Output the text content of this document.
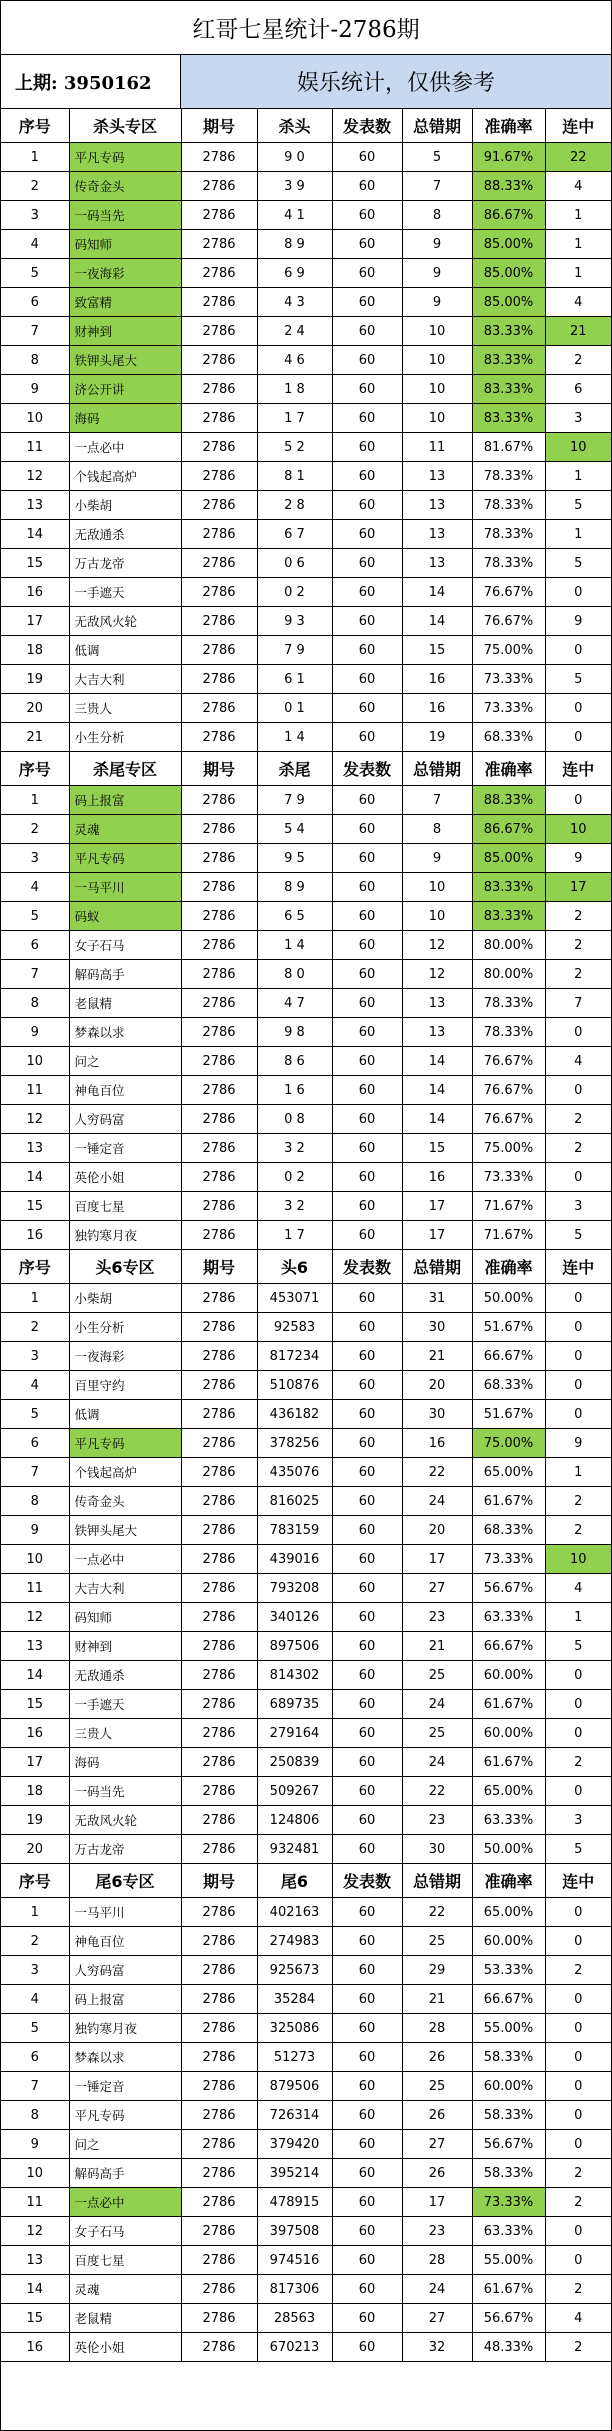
红哥七星统计-2786期
上期: 3950162	娱乐统计，仅供参考
序号	杀头专区	期号	杀头	发表数	总错期	准确率	连中
1	平凡专码	2786	9 0	60	5	91.67%	22
2	传奇金头	2786	3 9	60	7	88.33%	4
3	一码当先	2786	4 1	60	8	86.67%	1
4	码知师	2786	8 9	60	9	85.00%	1
5	一夜海彩	2786	6 9	60	9	85.00%	1
6	致富精	2786	4 3	60	9	85.00%	4
7	财神到	2786	2 4	60	10	83.33%	21
8	铁钾头尾大	2786	4 6	60	10	83.33%	2
9	济公开讲	2786	1 8	60	10	83.33%	6
10	海码	2786	1 7	60	10	83.33%	3
11	一点必中	2786	5 2	60	11	81.67%	10
12	个钱起高炉	2786	8 1	60	13	78.33%	1
13	小柴胡	2786	2 8	60	13	78.33%	5
14	无敌通杀	2786	6 7	60	13	78.33%	1
15	万古龙帝	2786	0 6	60	13	78.33%	5
16	一手遮天	2786	0 2	60	14	76.67%	0
17	无敌风火轮	2786	9 3	60	14	76.67%	9
18	低调	2786	7 9	60	15	75.00%	0
19	大吉大利	2786	6 1	60	16	73.33%	5
20	三贵人	2786	0 1	60	16	73.33%	0
21	小生分析	2786	1 4	60	19	68.33%	0
序号	杀尾专区	期号	杀尾	发表数	总错期	准确率	连中
1	码上报富	2786	7 9	60	7	88.33%	0
2	灵魂	2786	5 4	60	8	86.67%	10
3	平凡专码	2786	9 5	60	9	85.00%	9
4	一马平川	2786	8 9	60	10	83.33%	17
5	码蚁	2786	6 5	60	10	83.33%	2
6	女子石马	2786	1 4	60	12	80.00%	2
7	解码高手	2786	8 0	60	12	80.00%	2
8	老鼠精	2786	4 7	60	13	78.33%	7
9	梦森以求	2786	9 8	60	13	78.33%	0
10	问之	2786	8 6	60	14	76.67%	4
11	神龟百位	2786	1 6	60	14	76.67%	0
12	人穷码富	2786	0 8	60	14	76.67%	2
13	一锤定音	2786	3 2	60	15	75.00%	2
14	英伦小姐	2786	0 2	60	16	73.33%	0
15	百度七星	2786	3 2	60	17	71.67%	3
16	独钓寒月夜	2786	1 7	60	17	71.67%	5
序号	头6专区	期号	头6	发表数	总错期	准确率	连中
1	小柴胡	2786	453071	60	31	50.00%	0
2	小生分析	2786	92583	60	30	51.67%	0
3	一夜海彩	2786	817234	60	21	66.67%	0
4	百里守约	2786	510876	60	20	68.33%	0
5	低调	2786	436182	60	30	51.67%	0
6	平凡专码	2786	378256	60	16	75.00%	9
7	个钱起高炉	2786	435076	60	22	65.00%	1
8	传奇金头	2786	816025	60	24	61.67%	2
9	铁钾头尾大	2786	783159	60	20	68.33%	2
10	一点必中	2786	439016	60	17	73.33%	10
11	大吉大利	2786	793208	60	27	56.67%	4
12	码知师	2786	340126	60	23	63.33%	1
13	财神到	2786	897506	60	21	66.67%	5
14	无敌通杀	2786	814302	60	25	60.00%	0
15	一手遮天	2786	689735	60	24	61.67%	0
16	三贵人	2786	279164	60	25	60.00%	0
17	海码	2786	250839	60	24	61.67%	2
18	一码当先	2786	509267	60	22	65.00%	0
19	无敌风火轮	2786	124806	60	23	63.33%	3
20	万古龙帝	2786	932481	60	30	50.00%	5
序号	尾6专区	期号	尾6	发表数	总错期	准确率	连中
1	一马平川	2786	402163	60	22	65.00%	0
2	神龟百位	2786	274983	60	25	60.00%	0
3	人穷码富	2786	925673	60	29	53.33%	2
4	码上报富	2786	35284	60	21	66.67%	0
5	独钓寒月夜	2786	325086	60	28	55.00%	0
6	梦森以求	2786	51273	60	26	58.33%	0
7	一锤定音	2786	879506	60	25	60.00%	0
8	平凡专码	2786	726314	60	26	58.33%	0
9	问之	2786	379420	60	27	56.67%	0
10	解码高手	2786	395214	60	26	58.33%	2
11	一点必中	2786	478915	60	17	73.33%	2
12	女子石马	2786	397508	60	23	63.33%	0
13	百度七星	2786	974516	60	28	55.00%	0
14	灵魂	2786	817306	60	24	61.67%	2
15	老鼠精	2786	28563	60	27	56.67%	4
16	英伦小姐	2786	670213	60	32	48.33%	2
